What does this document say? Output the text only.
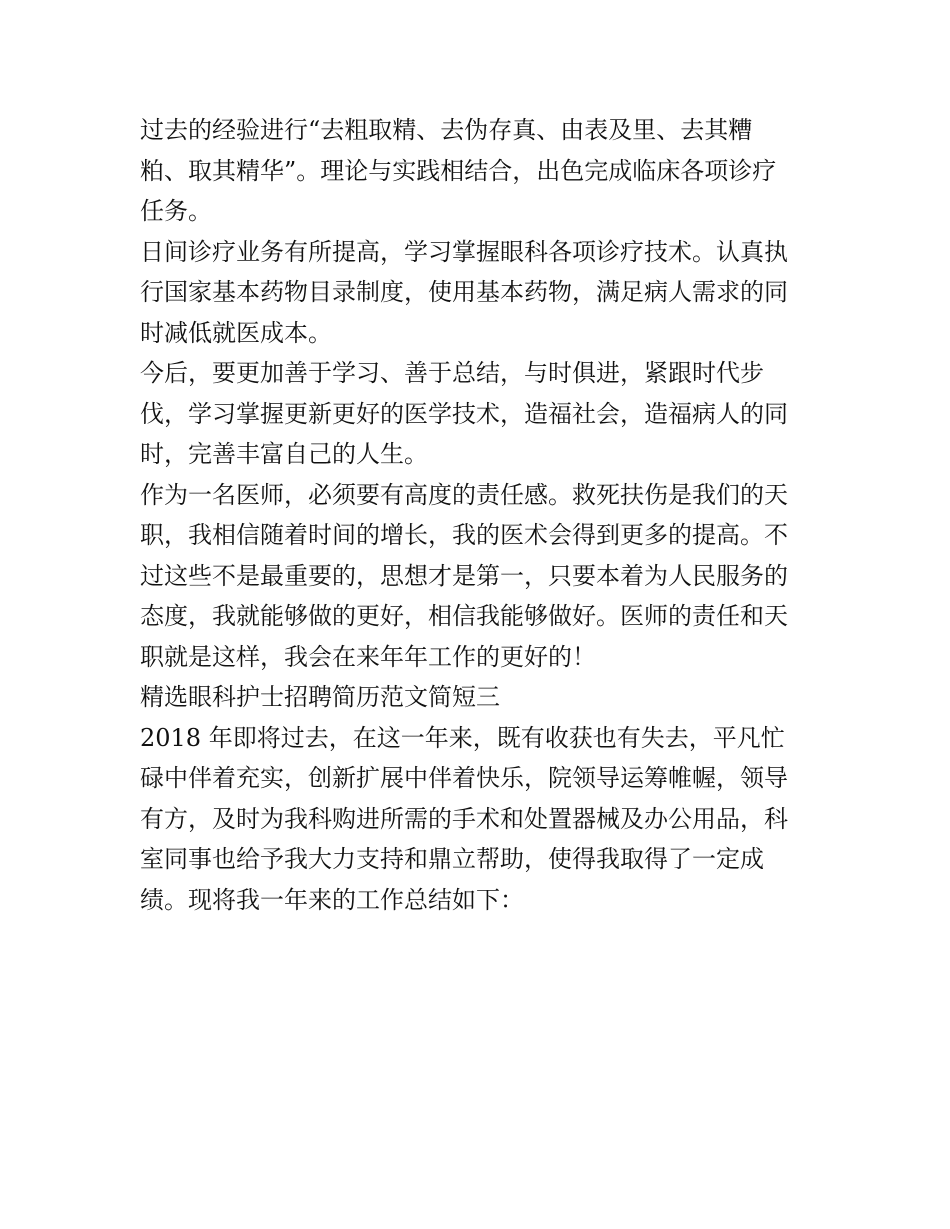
过去的经验进行“去粗取精、去伪存真、由表及里、去其糟
粕、取其精华”。理论与实践相结合，出色完成临床各项诊疗
任务。
日间诊疗业务有所提高，学习掌握眼科各项诊疗技术。认真执
行国家基本药物目录制度，使用基本药物，满足病人需求的同
时减低就医成本。
今后，要更加善于学习、善于总结，与时俱进，紧跟时代步
伐，学习掌握更新更好的医学技术，造福社会，造福病人的同
时，完善丰富自己的人生。
作为一名医师，必须要有高度的责任感。救死扶伤是我们的天
职，我相信随着时间的增长，我的医术会得到更多的提高。不
过这些不是最重要的，思想才是第一，只要本着为人民服务的
态度，我就能够做的更好，相信我能够做好。医师的责任和天
职就是这样，我会在来年年工作的更好的！
精选眼科护士招聘简历范文简短三
2018 年即将过去，在这一年来，既有收获也有失去，平凡忙
碌中伴着充实，创新扩展中伴着快乐，院领导运筹帷幄，领导
有方，及时为我科购进所需的手术和处置器械及办公用品，科
室同事也给予我大力支持和鼎立帮助，使得我取得了一定成
绩。现将我一年来的工作总结如下：
